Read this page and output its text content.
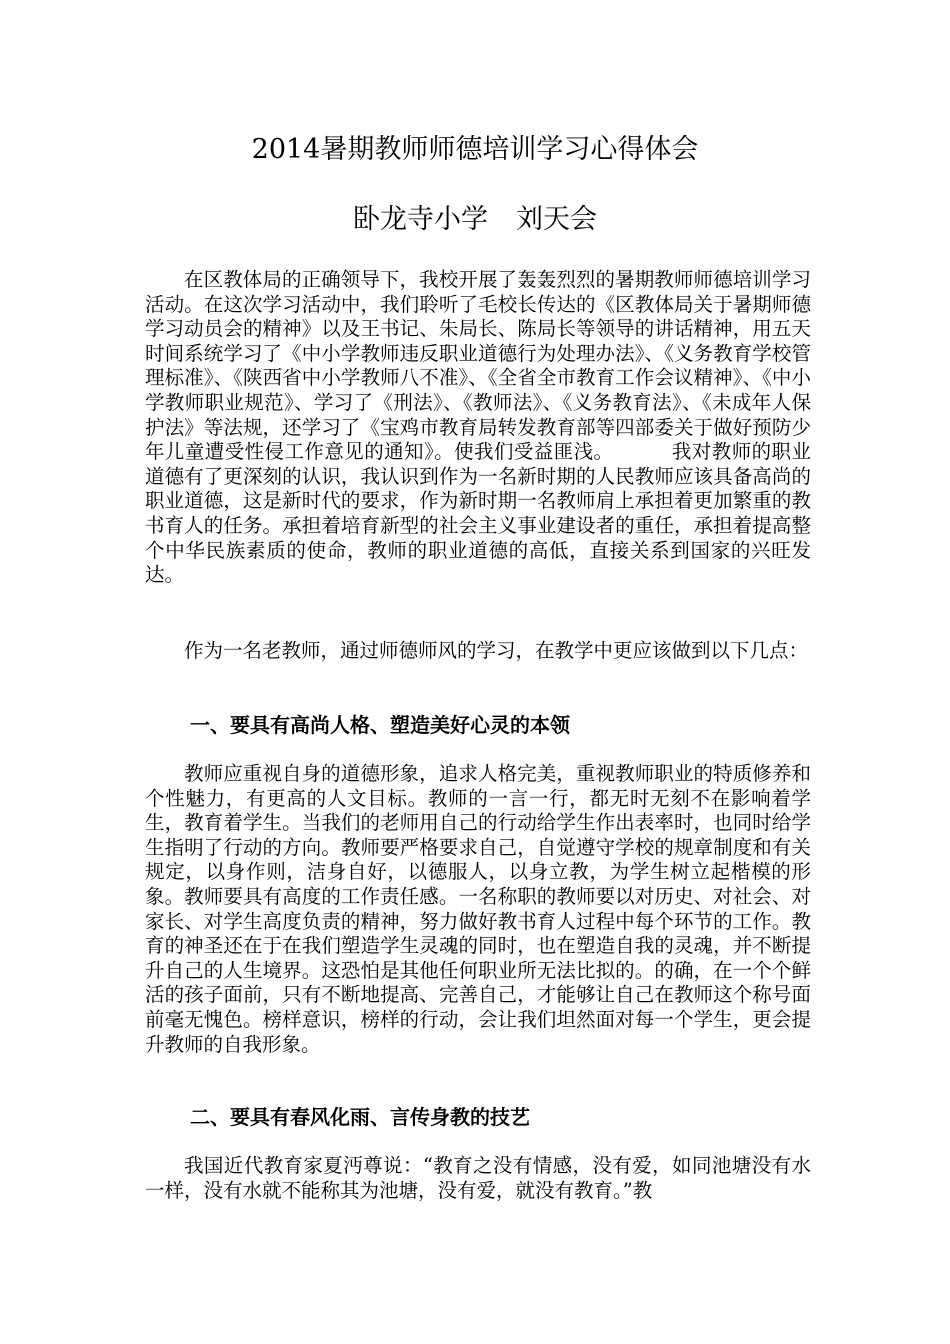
2014暑期教师师德培训学习心得体会
卧龙寺小学 刘天会

在区教体局的正确领导下，我校开展了轰轰烈烈的暑期教师师德培训学习活动。在这次学习活动中，我们聆听了毛校长传达的《区教体局关于暑期师德学习动员会的精神》以及王书记、朱局长、陈局长等领导的讲话精神，用五天时间系统学习了《中小学教师违反职业道德行为处理办法》、《义务教育学校管理标准》、《陕西省中小学教师八不准》、《全省全市教育工作会议精神》、《中小学教师职业规范》、学习了《刑法》、《教师法》、《义务教育法》、《未成年人保护法》等法规，还学习了《宝鸡市教育局转发教育部等四部委关于做好预防少年儿童遭受性侵工作意见的通知》。使我们受益匪浅。	我对教师的职业道德有了更深刻的认识，我认识到作为一名新时期的人民教师应该具备高尚的职业道德，这是新时代的要求，作为新时期一名教师肩上承担着更加繁重的教书育人的任务。承担着培育新型的社会主义事业建设者的重任，承担着提高整个中华民族素质的使命，教师的职业道德的高低，直接关系到国家的兴旺发达。

作为一名老教师，通过师德师风的学习，在教学中更应该做到以下几点：

一、要具有高尚人格、塑造美好心灵的本领

教师应重视自身的道德形象，追求人格完美，重视教师职业的特质修养和个性魅力，有更高的人文目标。教师的一言一行，都无时无刻不在影响着学生，教育着学生。当我们的老师用自己的行动给学生作出表率时，也同时给学生指明了行动的方向。教师要严格要求自己，自觉遵守学校的规章制度和有关规定，以身作则，洁身自好，以德服人，以身立教，为学生树立起楷模的形象。教师要具有高度的工作责任感。一名称职的教师要以对历史、对社会、对家长、对学生高度负责的精神，努力做好教书育人过程中每个环节的工作。教育的神圣还在于在我们塑造学生灵魂的同时，也在塑造自我的灵魂，并不断提升自己的人生境界。这恐怕是其他任何职业所无法比拟的。的确，在一个个鲜活的孩子面前，只有不断地提高、完善自己，才能够让自己在教师这个称号面前毫无愧色。榜样意识，榜样的行动，会让我们坦然面对每一个学生，更会提升教师的自我形象。

二、要具有春风化雨、言传身教的技艺

我国近代教育家夏沔尊说：“教育之没有情感，没有爱，如同池塘没有水一样，没有水就不能称其为池塘，没有爱，就没有教育。”教
